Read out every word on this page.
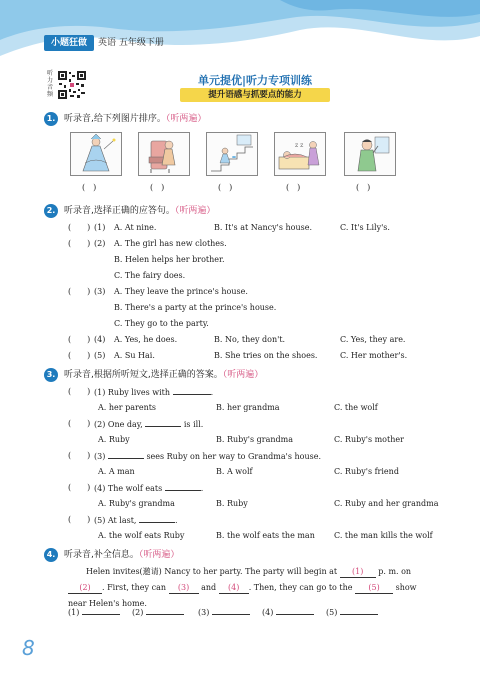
小题狂做	英语 五年级下册
听力音频
单元提优|听力专项训练
提升语感与抓要点的能力
1. 听录音,给下列图片排序。（听两遍）
z z
(　)	(　)	(　)	(　)	(　)
2. 听录音,选择正确的应答句。（听两遍）
(　　) (1) A. At nine.	B. It's at Nancy's house.	C. It's Lily's.
(　　) (2) A. The girl has new clothes.
B. Helen helps her brother.
C. The fairy does.
(　　) (3) A. They leave the prince's house.
B. There's a party at the prince's house.
C. They go to the party.
(　　) (4) A. Yes, he does.	B. No, they don't.	C. Yes, they are.
(　　) (5) A. Su Hai.	B. She tries on the shoes.	C. Her mother's.
3. 听录音,根据所听短文,选择正确的答案。（听两遍）
(　　) (1) Ruby lives with	.
A. her parents	B. her grandma	C. the wolf
(　　) (2) One day,	is ill.
A. Ruby	B. Ruby's grandma	C. Ruby's mother
(　　) (3)	sees Ruby on her way to Grandma's house.
A. A man	B. A wolf	C. Ruby's friend
(　　) (4) The wolf eats	.
A. Ruby's grandma	B. Ruby	C. Ruby and her grandma
(　　) (5) At last,	.
A. the wolf eats Ruby	B. the wolf eats the man C. the man kills the wolf
4. 听录音,补全信息。（听两遍）
Helen invites(邀请) Nancy to her party. The party will begin at (1) p. m. on
(2) . First, they can (3) and (4) . Then, they can go to the (5) show
near Helen's home.
(1)	(2)	(3)	(4)	(5)
8
